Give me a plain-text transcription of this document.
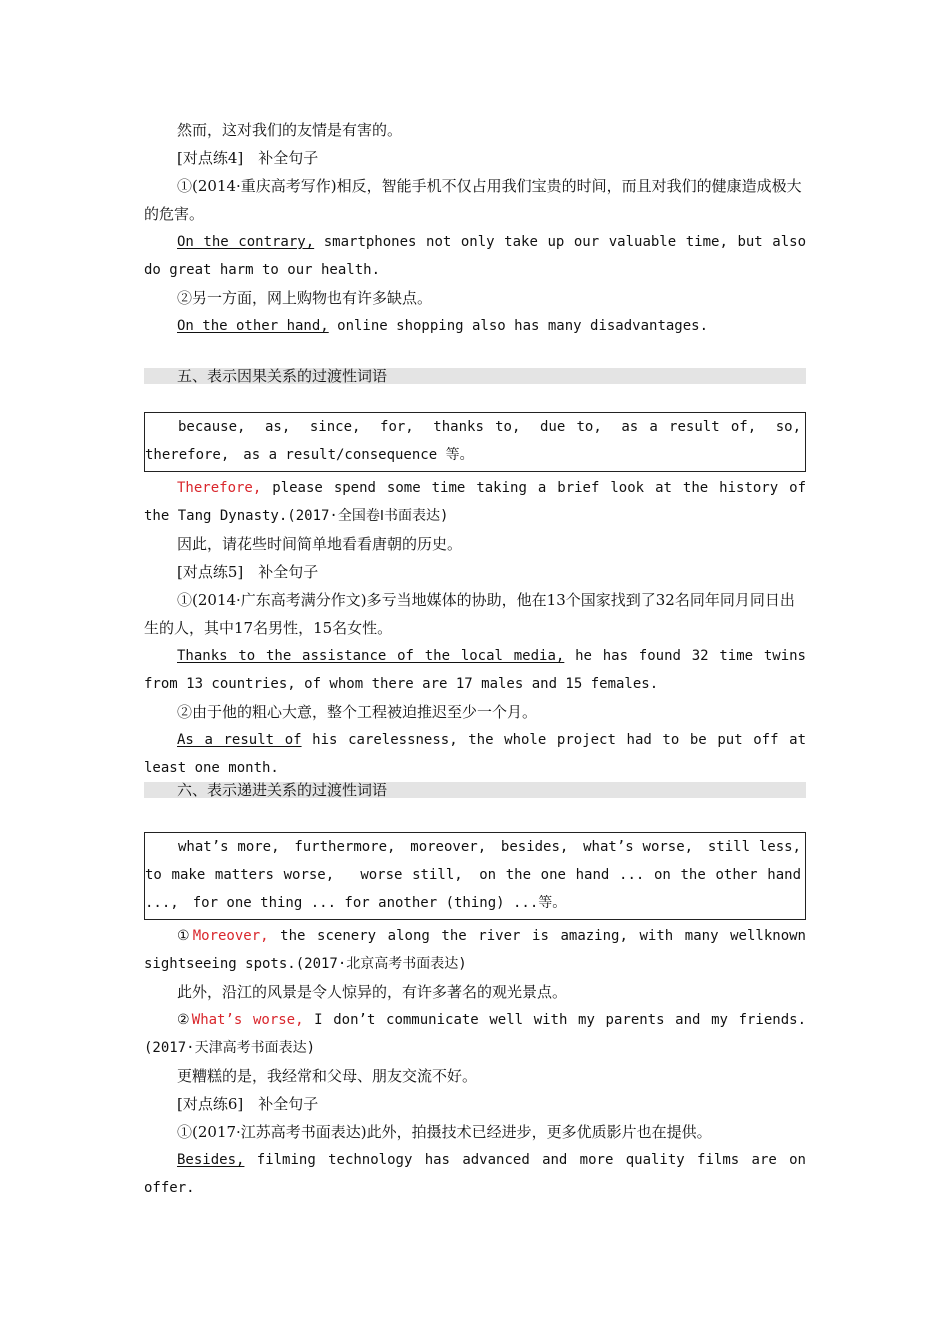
然而，这对我们的友情是有害的。

[对点练4]　补全句子

①(2014·重庆高考写作)相反，智能手机不仅占用我们宝贵的时间，而且对我们的健康造成极大的危害。

On the contrary, smartphones not only take up our valuable time, but also do great harm to our health.

②另一方面，网上购物也有许多缺点。

On the other hand, online shopping also has many disadvantages.

五、表示因果关系的过渡性词语

because,　as,　since,　for,　thanks to,　due to,　as a result of,　so, therefore,　as a result/consequence 等。

Therefore, please spend some time taking a brief look at the history of the Tang Dynasty.(2017·全国卷Ⅰ书面表达)

因此，请花些时间简单地看看唐朝的历史。

[对点练5]　补全句子

①(2014·广东高考满分作文)多亏当地媒体的协助，他在13个国家找到了32名同年同月同日出生的人，其中17名男性，15名女性。

Thanks to the assistance of the local media, he has found 32 time twins from 13 countries, of whom there are 17 males and 15 females.

②由于他的粗心大意，整个工程被迫推迟至少一个月。

As a result of his carelessness, the whole project had to be put off at least one month.

六、表示递进关系的过渡性词语

what’s more,　furthermore,　moreover,　besides,　what’s worse,　still less,　to make matters worse,　 worse still,　on the one hand ... on the other hand ...,　for one thing ... for another (thing) ...等。

①Moreover, the scenery along the river is amazing, with many wellknown sightseeing spots.(2017·北京高考书面表达)

此外，沿江的风景是令人惊异的，有许多著名的观光景点。

②What’s worse, I don’t communicate well with my parents and my friends.(2017·天津高考书面表达)

更糟糕的是，我经常和父母、朋友交流不好。

[对点练6]　补全句子

①(2017·江苏高考书面表达)此外，拍摄技术已经进步，更多优质影片也在提供。

Besides, filming technology has advanced and more quality films are on offer.
